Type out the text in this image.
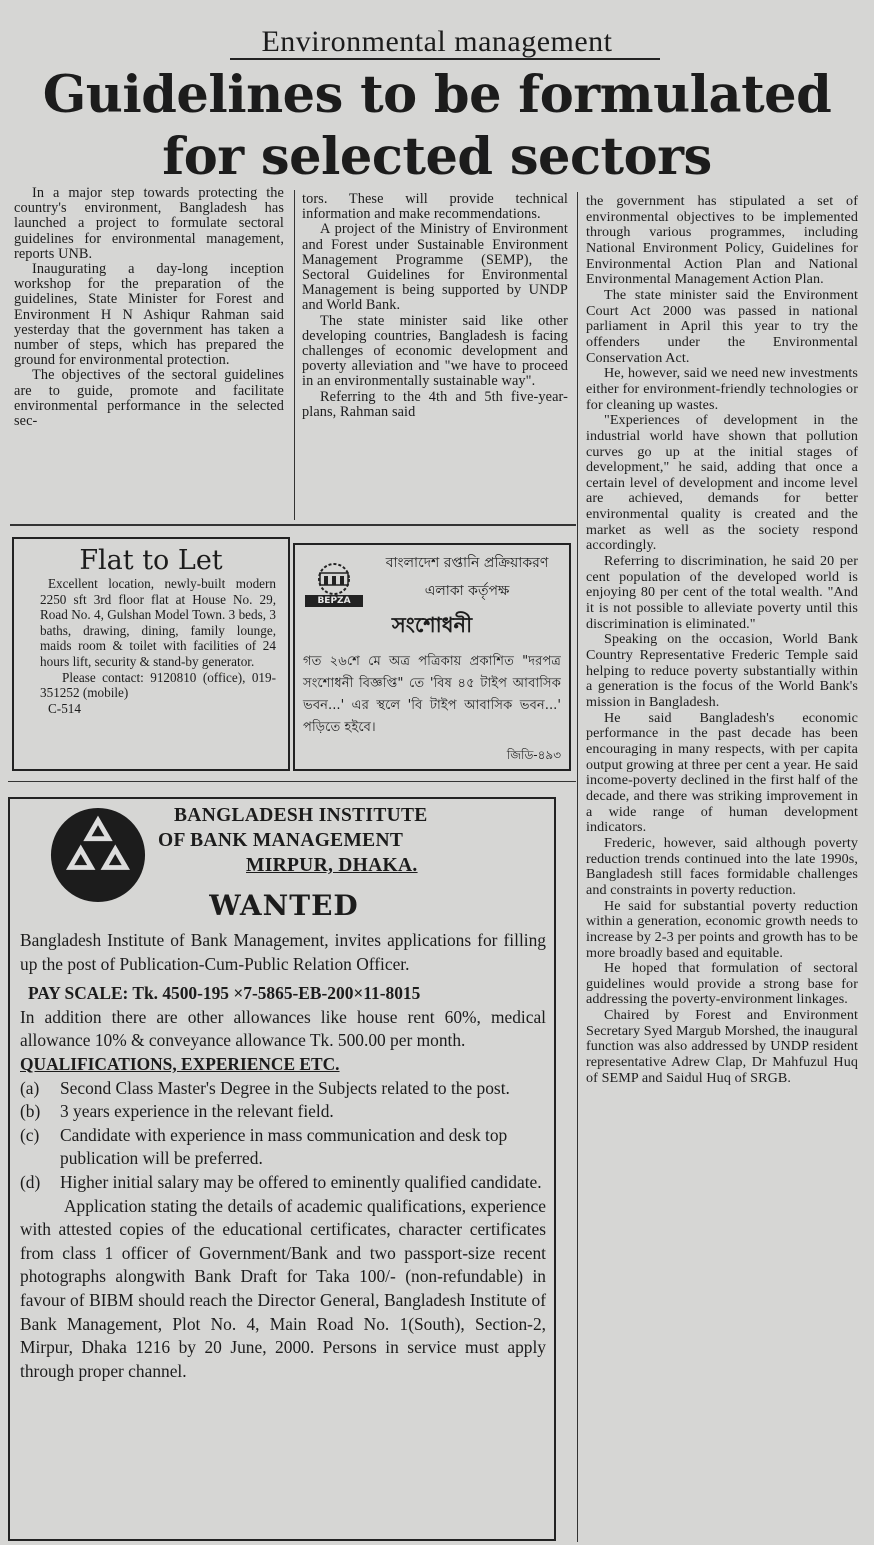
Environmental management
Guidelines to be formulated
for selected sectors

In a major step towards protecting the country's environment, Bangladesh has launched a project to formulate sectoral guidelines for environmental management, reports UNB.

Inaugurating a day-long inception workshop for the preparation of the guidelines, State Minister for Forest and Environment H N Ashiqur Rahman said yesterday that the government has taken a number of steps, which has prepared the ground for environmental protection.

The objectives of the sectoral guidelines are to guide, promote and facilitate environmental performance in the selected sec-

tors. These will provide technical information and make recommendations.

A project of the Ministry of Environment and Forest under Sustainable Environment Management Programme (SEMP), the Sectoral Guidelines for Environmental Management is being supported by UNDP and World Bank.

The state minister said like other developing countries, Bangladesh is facing challenges of economic development and poverty alleviation and "we have to proceed in an environmentally sustainable way".

Referring to the 4th and 5th five-year-plans, Rahman said

the government has stipulated a set of environmental objectives to be implemented through various programmes, including National Environment Policy, Guidelines for Environmental Action Plan and National Environmental Management Action Plan.

The state minister said the Environment Court Act 2000 was passed in national parliament in April this year to try the offenders under the Environmental Conservation Act.

He, however, said we need new investments either for environment-friendly technologies or for cleaning up wastes.

"Experiences of development in the industrial world have shown that pollution curves go up at the initial stages of development," he said, adding that once a certain level of development and income level are achieved, demands for better environmental quality is created and the market as well as the society respond accordingly.

Referring to discrimination, he said 20 per cent population of the developed world is enjoying 80 per cent of the total wealth. "And it is not possible to alleviate poverty until this discrimination is eliminated."

Speaking on the occasion, World Bank Country Representative Frederic Temple said helping to reduce poverty substantially within a generation is the focus of the World Bank's mission in Bangladesh.

He said Bangladesh's economic performance in the past decade has been encouraging in many respects, with per capita output growing at three per cent a year. He said income-poverty declined in the first half of the decade, and there was striking improvement in a wide range of human development indicators.

Frederic, however, said although poverty reduction trends continued into the late 1990s, Bangladesh still faces formidable challenges and constraints in poverty reduction.

He said for substantial poverty reduction within a generation, economic growth needs to increase by 2-3 per points and growth has to be more broadly based and equitable.

He hoped that formulation of sectoral guidelines would provide a strong base for addressing the poverty-environment linkages.

Chaired by Forest and Environment Secretary Syed Margub Morshed, the inaugural function was also addressed by UNDP resident representative Adrew Clap, Dr Mahfuzul Huq of SEMP and Saidul Huq of SRGB.

Flat to Let

Excellent location, newly-built modern 2250 sft 3rd floor flat at House No. 29, Road No. 4, Gulshan Model Town. 3 beds, 3 baths, drawing, dining, family lounge, maids room & toilet with facilities of 24 hours lift, security & stand-by generator.

Please contact: 9120810 (office), 019-351252 (mobile)

C-514

BEPZA
বাংলাদেশ রপ্তানি প্রক্রিয়াকরণ
এলাকা কর্তৃপক্ষ
সংশোধনী
গত ২৬শে মে অত্র পত্রিকায় প্রকাশিত "দরপত্র সংশোধনী বিজ্ঞপ্তি" তে 'বিষ ৪৫ টাইপ আবাসিক ভবন...' এর স্থলে 'বি টাইপ আবাসিক ভবন...' পড়িতে হইবে।
জিডি-৪৯৩
BANGLADESH INSTITUTE
OF BANK MANAGEMENT
MIRPUR, DHAKA.
WANTED

Bangladesh Institute of Bank Management, invites applications for filling up the post of Publication-Cum-Public Relation Officer.

PAY SCALE: Tk. 4500-195 ×7-5865-EB-200×11-8015

In addition there are other allowances like house rent 60%, medical allowance 10% & conveyance allowance Tk. 500.00 per month.

QUALIFICATIONS, EXPERIENCE ETC.

(a)	Second Class Master's Degree in the Subjects related to the post.
(b)	3 years experience in the relevant field.
(c)	Candidate with experience in mass communication and desk top publication will be preferred.
(d)	Higher initial salary may be offered to eminently qualified candidate.

Application stating the details of academic qualifications, experience with attested copies of the educational certificates, character certificates from class 1 officer of Government/Bank and two passport-size recent photographs alongwith Bank Draft for Taka 100/- (non-refundable) in favour of BIBM should reach the Director General, Bangladesh Institute of Bank Management, Plot No. 4, Main Road No. 1(South), Section-2, Mirpur, Dhaka 1216 by 20 June, 2000. Persons in service must apply through proper channel.
